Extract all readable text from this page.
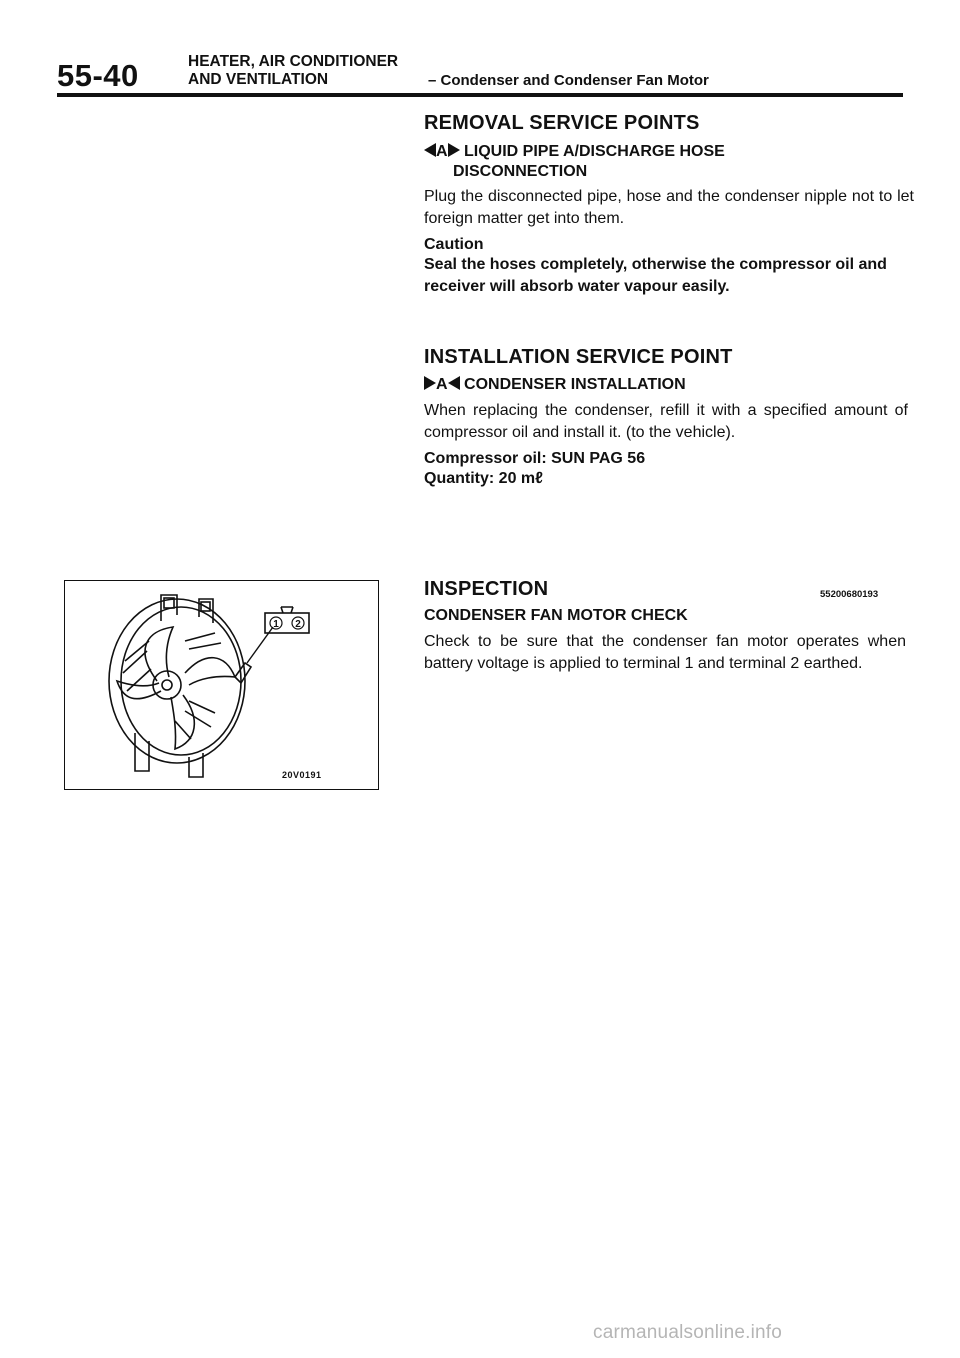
55-40	HEATER, AIR CONDITIONER
AND VENTILATION	– Condenser and Condenser Fan Motor
REMOVAL SERVICE POINTS
A LIQUID PIPE A/DISCHARGE HOSE
DISCONNECTION
Plug the disconnected pipe, hose and the condenser nipple not to let foreign matter get into them.
Caution
Seal the hoses completely, otherwise the compressor oil and receiver will absorb water vapour easily.
INSTALLATION SERVICE POINT
A CONDENSER INSTALLATION
When replacing the condenser, refill it with a specified amount of compressor oil and install it. (to the vehicle).
Compressor oil: SUN PAG 56
Quantity: 20 mℓ
INSPECTION	55200680193
CONDENSER FAN MOTOR CHECK
Check to be sure that the condenser fan motor operates when battery voltage is applied to terminal 1 and terminal 2 earthed.
1 2
20V0191
carmanualsonline.info
